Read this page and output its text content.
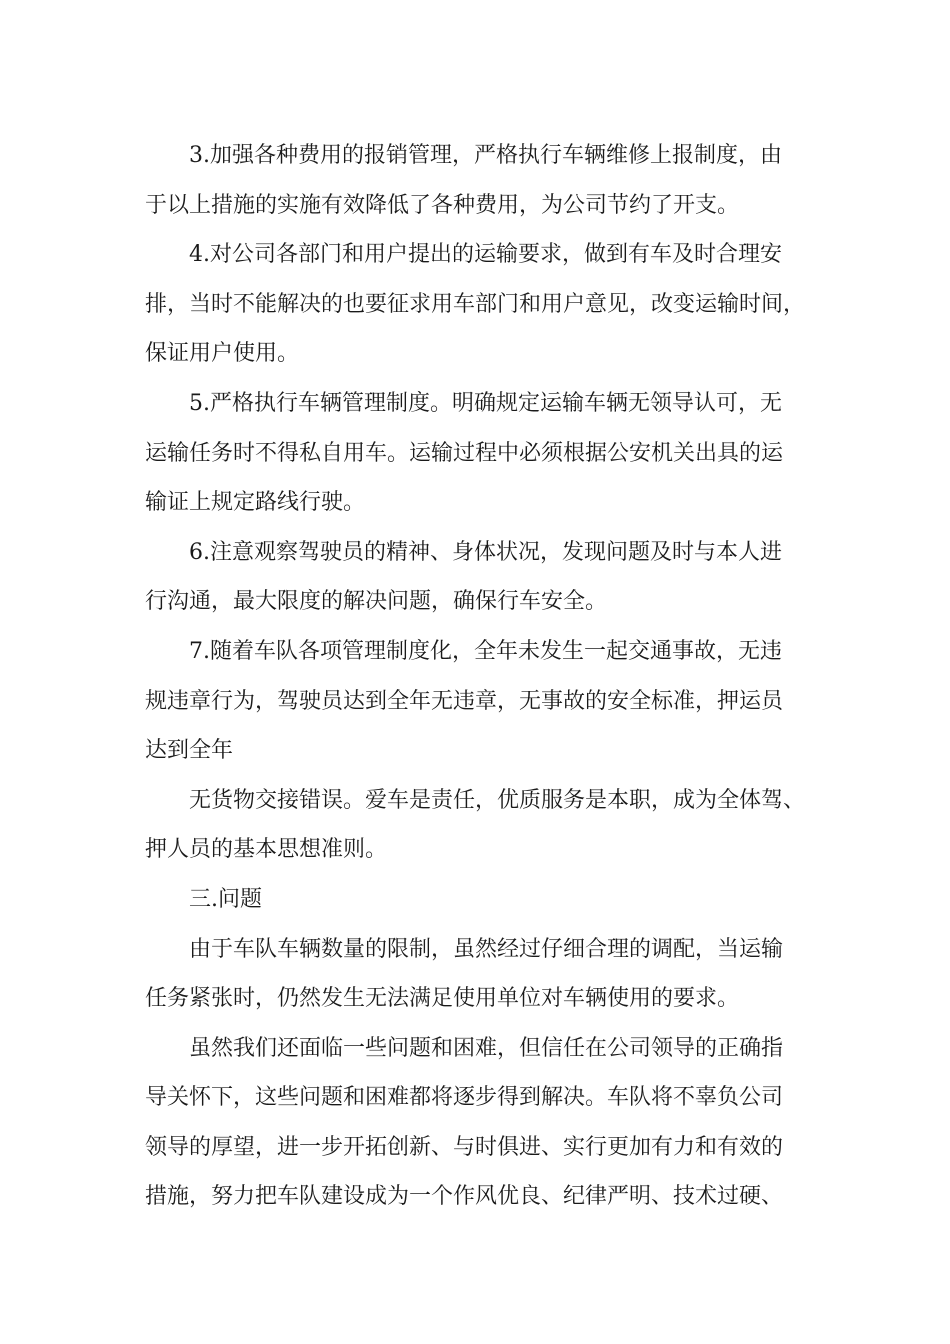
3.加强各种费用的报销管理，严格执行车辆维修上报制度，由
于以上措施的实施有效降低了各种费用，为公司节约了开支。

4.对公司各部门和用户提出的运输要求，做到有车及时合理安
排，当时不能解决的也要征求用车部门和用户意见，改变运输时间，
保证用户使用。

5.严格执行车辆管理制度。明确规定运输车辆无领导认可，无
运输任务时不得私自用车。运输过程中必须根据公安机关出具的运
输证上规定路线行驶。

6.注意观察驾驶员的精神、身体状况，发现问题及时与本人进
行沟通，最大限度的解决问题，确保行车安全。

7.随着车队各项管理制度化，全年未发生一起交通事故，无违
规违章行为，驾驶员达到全年无违章，无事故的安全标准，押运员
达到全年

无货物交接错误。爱车是责任，优质服务是本职，成为全体驾、
押人员的基本思想准则。

三.问题

由于车队车辆数量的限制，虽然经过仔细合理的调配，当运输
任务紧张时，仍然发生无法满足使用单位对车辆使用的要求。

虽然我们还面临一些问题和困难，但信任在公司领导的正确指
导关怀下，这些问题和困难都将逐步得到解决。车队将不辜负公司
领导的厚望，进一步开拓创新、与时俱进、实行更加有力和有效的
措施，努力把车队建设成为一个作风优良、纪律严明、技术过硬、
